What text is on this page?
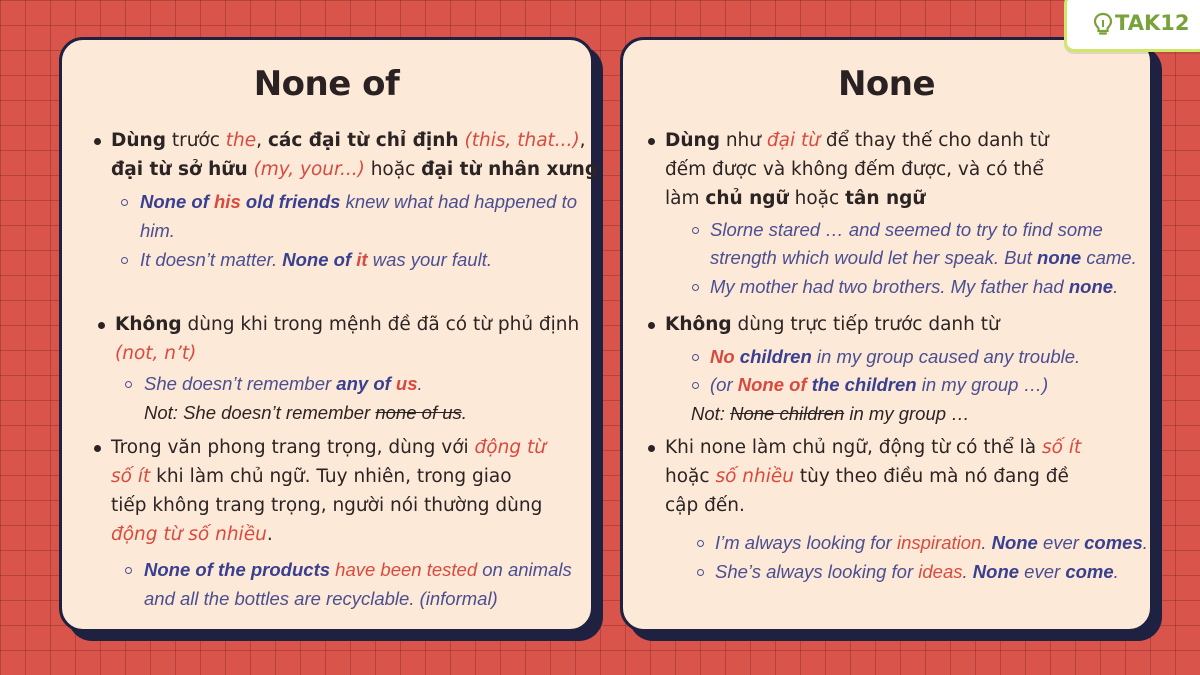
None of

Dùng trước the, các đại từ chỉ định (this, that...),

đại từ sở hữu (my, your...) hoặc đại từ nhân xưng

None of his old friends knew what had happened to

him.

It doesn’t matter. None of it was your fault.

Không dùng khi trong mệnh đề đã có từ phủ định

(not, n’t)

She doesn’t remember any of us.

Not: She doesn’t remember none of us.

Trong văn phong trang trọng, dùng với động từ

số ít khi làm chủ ngữ. Tuy nhiên, trong giao

tiếp không trang trọng, người nói thường dùng

động từ số nhiều.

None of the products have been tested on animals

and all the bottles are recyclable. (informal)

None

Dùng như đại từ để thay thế cho danh từ

đếm được và không đếm được, và có thể

làm chủ ngữ hoặc tân ngữ

Slorne stared … and seemed to try to find some

strength which would let her speak. But none came.

My mother had two brothers. My father had none.

Không dùng trực tiếp trước danh từ

No children in my group caused any trouble.

(or None of the children in my group …)

Not: None children in my group …

Khi none làm chủ ngữ, động từ có thể là số ít

hoặc số nhiều tùy theo điều mà nó đang đề

cập đến.

I’m always looking for inspiration. None ever comes.

She’s always looking for ideas. None ever come.

TAK12
